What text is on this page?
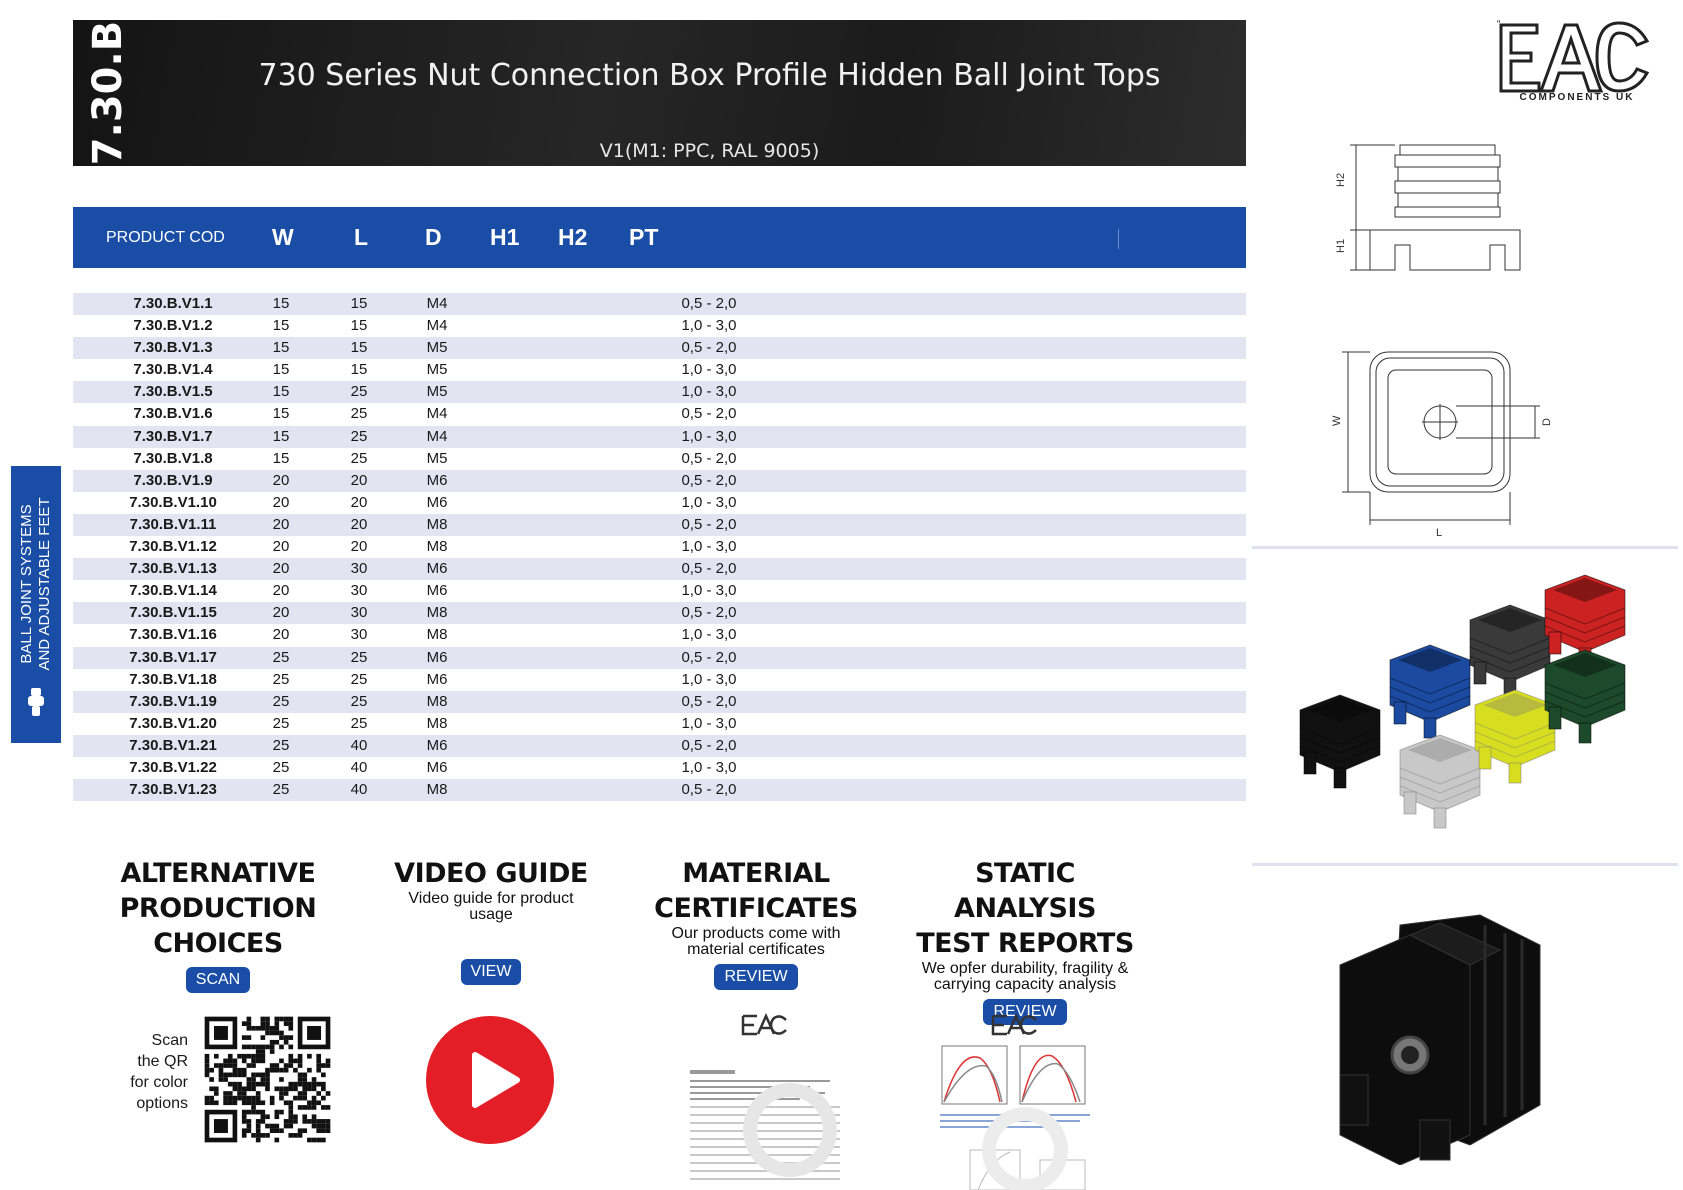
7.30.B	730 Series Nut Connection Box Profile Hidden Ball Joint Tops
V1(M1: PPC, RAL 9005)
“
COMPONENTS UK
PRODUCT COD W	L D H1 H2 PT
7.30.B.V1.1	15	15	M4	0,5 - 2,0
7.30.B.V1.2	15	15	M4	1,0 - 3,0
7.30.B.V1.3	15	15	M5	0,5 - 2,0
7.30.B.V1.4	15	15	M5	1,0 - 3,0
7.30.B.V1.5	15	25	M5	1,0 - 3,0
7.30.B.V1.6	15	25	M4	0,5 - 2,0
7.30.B.V1.7	15	25	M4	1,0 - 3,0
7.30.B.V1.8	15	25	M5	0,5 - 2,0
7.30.B.V1.9	20	20	M6	0,5 - 2,0
7.30.B.V1.10	20	20	M6	1,0 - 3,0
7.30.B.V1.11	20	20	M8	0,5 - 2,0
7.30.B.V1.12	20	20	M8	1,0 - 3,0
7.30.B.V1.13	20	30	M6	0,5 - 2,0
7.30.B.V1.14	20	30	M6	1,0 - 3,0
7.30.B.V1.15	20	30	M8	0,5 - 2,0
7.30.B.V1.16	20	30	M8	1,0 - 3,0
7.30.B.V1.17	25	25	M6	0,5 - 2,0
7.30.B.V1.18	25	25	M6	1,0 - 3,0
7.30.B.V1.19	25	25	M8	0,5 - 2,0
7.30.B.V1.20	25	25	M8	1,0 - 3,0
7.30.B.V1.21	25	40	M6	0,5 - 2,0
7.30.B.V1.22	25	40	M6	1,0 - 3,0
7.30.B.V1.23	25	40	M8	0,5 - 2,0
BALL JOINT SYSTEMS AND ADJUSTABLE FEET
H2
H1
W	D
L
ALTERNATIVE
PRODUCTION
CHOICES
SCAN
Scan
the QR
for color
options
VIDEO GUIDE
Video guide for product
usage
VIEW
MATERIAL
CERTIFICATES
Our products come with
material certificates
REVIEW
STATIC ANALYSIS
TEST REPORTS
We opfer durability, fragility &
carrying capacity analysis
REVIEW
